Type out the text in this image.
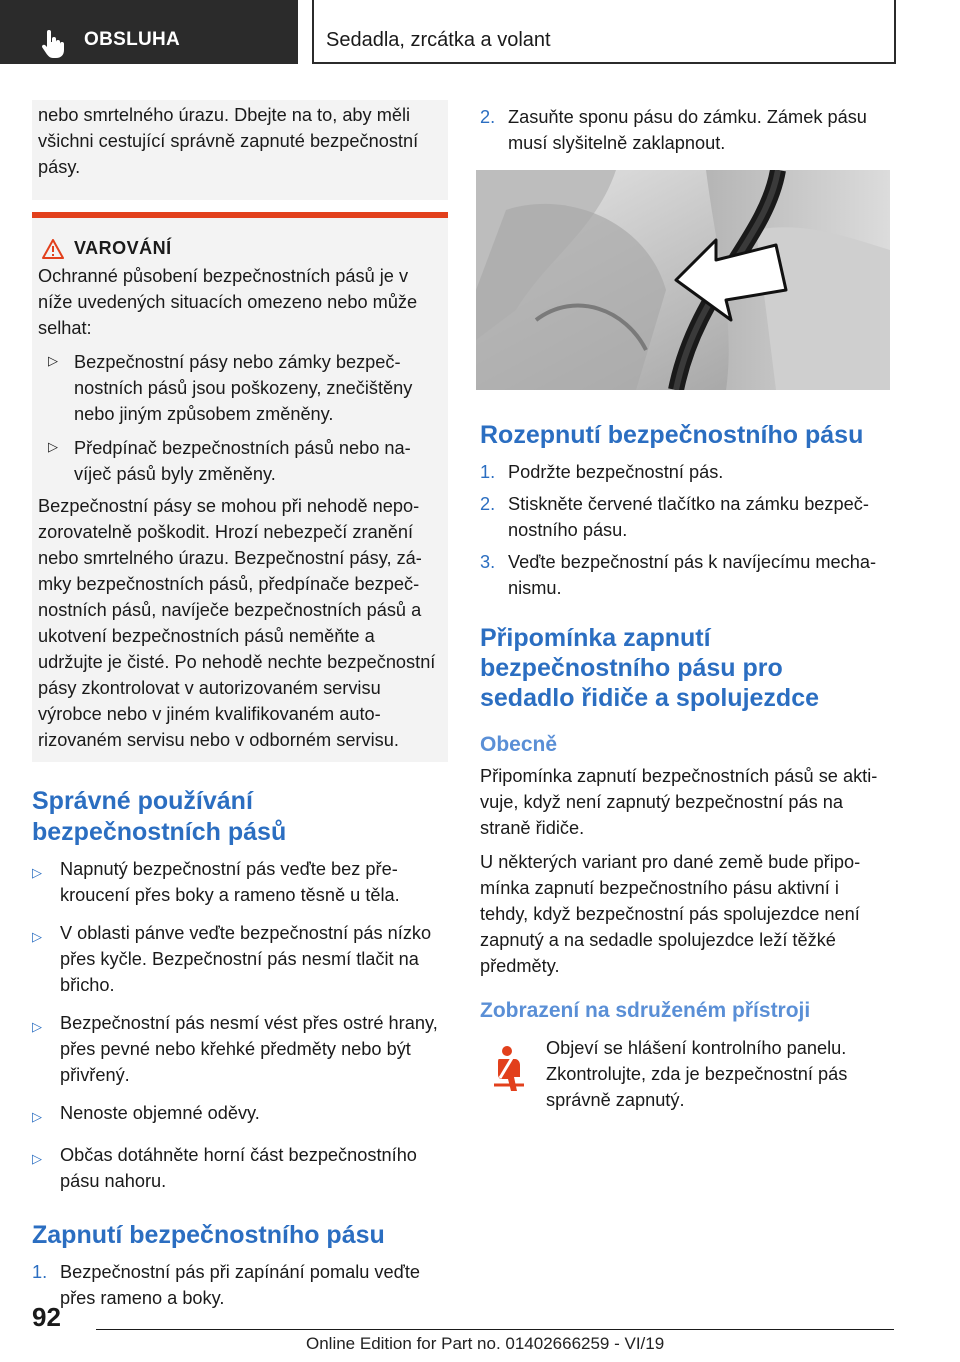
OBSLUHA	Sedadla, zrcátka a volant

nebo smrtelného úrazu. Dbejte na to, aby měli všichni cestující správně zapnuté bezpečnostní pásy.

VAROVÁNÍ

Ochranné působení bezpečnostních pásů je v níže uvedených situacích omezeno nebo může selhat:

▷ Bezpečnostní pásy nebo zámky bezpečnostních pásů jsou poškozeny, znečištěny nebo jiným způsobem změněny.
▷ Předpínač bezpečnostních pásů nebo navíječ pásů byly změněny.

Bezpečnostní pásy se mohou při nehodě nepozorovatelně poškodit. Hrozí nebezpečí zranění nebo smrtelného úrazu. Bezpečnostní pásy, zámky bezpečnostních pásů, předpínače bezpečnostních pásů, navíječe bezpečnostních pásů a ukotvení bezpečnostních pásů neměňte a udržujte je čisté. Po nehodě nechte bezpečnostní pásy zkontrolovat v autorizovaném servisu výrobce nebo v jiném kvalifikovaném autorizovaném servisu nebo v odborném servisu.

Správné používání
bezpečnostních pásů
▷ Napnutý bezpečnostní pás veďte bez překroucení přes boky a rameno těsně u těla.
▷ V oblasti pánve veďte bezpečnostní pás nízko přes kyčle. Bezpečnostní pás nesmí tlačit na břicho.
▷ Bezpečnostní pás nesmí vést přes ostré hrany, přes pevné nebo křehké předměty nebo být přivřený.
▷ Nenoste objemné oděvy.
▷ Občas dotáhněte horní část bezpečnostního pásu nahoru.
Zapnutí bezpečnostního pásu
1. Bezpečnostní pás při zapínání pomalu veďte přes rameno a boky.
2. Zasuňte sponu pásu do zámku. Zámek pásu musí slyšitelně zaklapnout.
Rozepnutí bezpečnostního pásu
1. Podržte bezpečnostní pás.
2. Stiskněte červené tlačítko na zámku bezpečnostního pásu.
3. Veďte bezpečnostní pás k navíjecímu mechanismu.
Připomínka zapnutí
bezpečnostního pásu pro
sedadlo řidiče a spolujezdce
Obecně

Připomínka zapnutí bezpečnostních pásů se aktivuje, když není zapnutý bezpečnostní pás na straně řidiče.

U některých variant pro dané země bude připomínka zapnutí bezpečnostního pásu aktivní i tehdy, když bezpečnostní pás spolujezdce není zapnutý a na sedadle spolujezdce leží těžké předměty.

Zobrazení na sdruženém přístroji

Objeví se hlášení kontrolního panelu. Zkontrolujte, zda je bezpečnostní pás správně zapnutý.

92
Online Edition for Part no. 01402666259 - VI/19
